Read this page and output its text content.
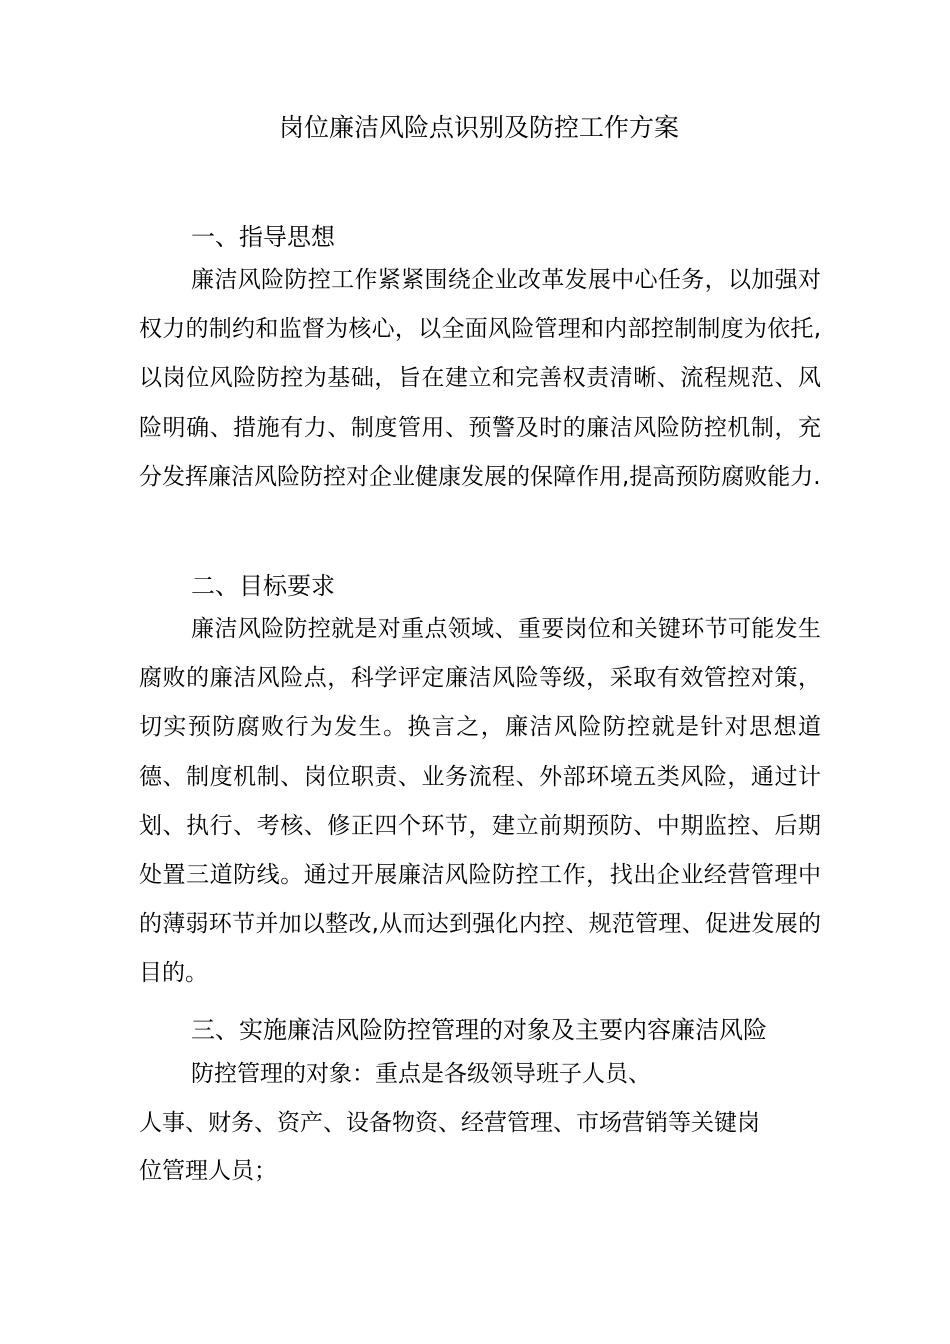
岗位廉洁风险点识别及防控工作方案
一、指导思想
廉洁风险防控工作紧紧围绕企业改革发展中心任务，以加强对权力的制约和监督为核心，以全面风险管理和内部控制制度为依托,以岗位风险防控为基础，旨在建立和完善权责清晰、流程规范、风险明确、措施有力、制度管用、预警及时的廉洁风险防控机制，充分发挥廉洁风险防控对企业健康发展的保障作用,提高预防腐败能力.
二、目标要求
廉洁风险防控就是对重点领域、重要岗位和关键环节可能发生腐败的廉洁风险点，科学评定廉洁风险等级，采取有效管控对策，切实预防腐败行为发生。换言之，廉洁风险防控就是针对思想道德、制度机制、岗位职责、业务流程、外部环境五类风险，通过计划、执行、考核、修正四个环节，建立前期预防、中期监控、后期处置三道防线。通过开展廉洁风险防控工作，找出企业经营管理中的薄弱环节并加以整改,从而达到强化内控、规范管理、促进发展的目的。
三、实施廉洁风险防控管理的对象及主要内容廉洁风险
防控管理的对象：重点是各级领导班子人员、
人事、财务、资产、设备物资、经营管理、市场营销等关键岗
位管理人员；
